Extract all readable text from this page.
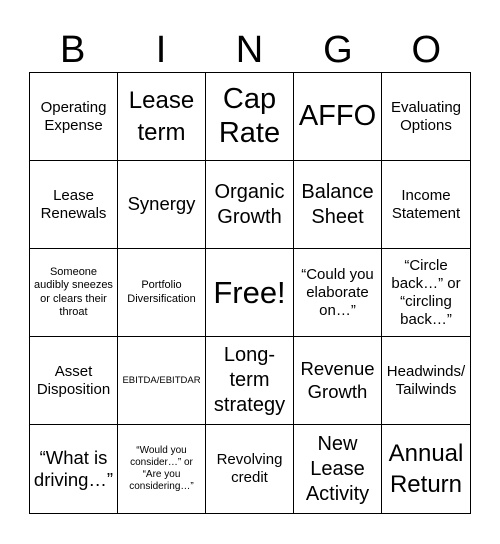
B	I	N	G	O
Operating Expense
Lease term
Cap Rate
AFFO Evaluating Options
Lease Renewals	Synergy
Organic Growth
Balance Sheet
Income Statement
Someone audibly sneezes or clears their throat
Portfolio Diversification Free!
“Could you elaborate on…”
“Circle back…” or “circling back…”
Asset Disposition
EBITDA/EBITDAR
Long-term strategy
Revenue Growth
Headwinds/ Tailwinds
“What is driving…”
“Would you consider…” or “Are you considering…”
Revolving credit
New Lease Activity
Annual Return
